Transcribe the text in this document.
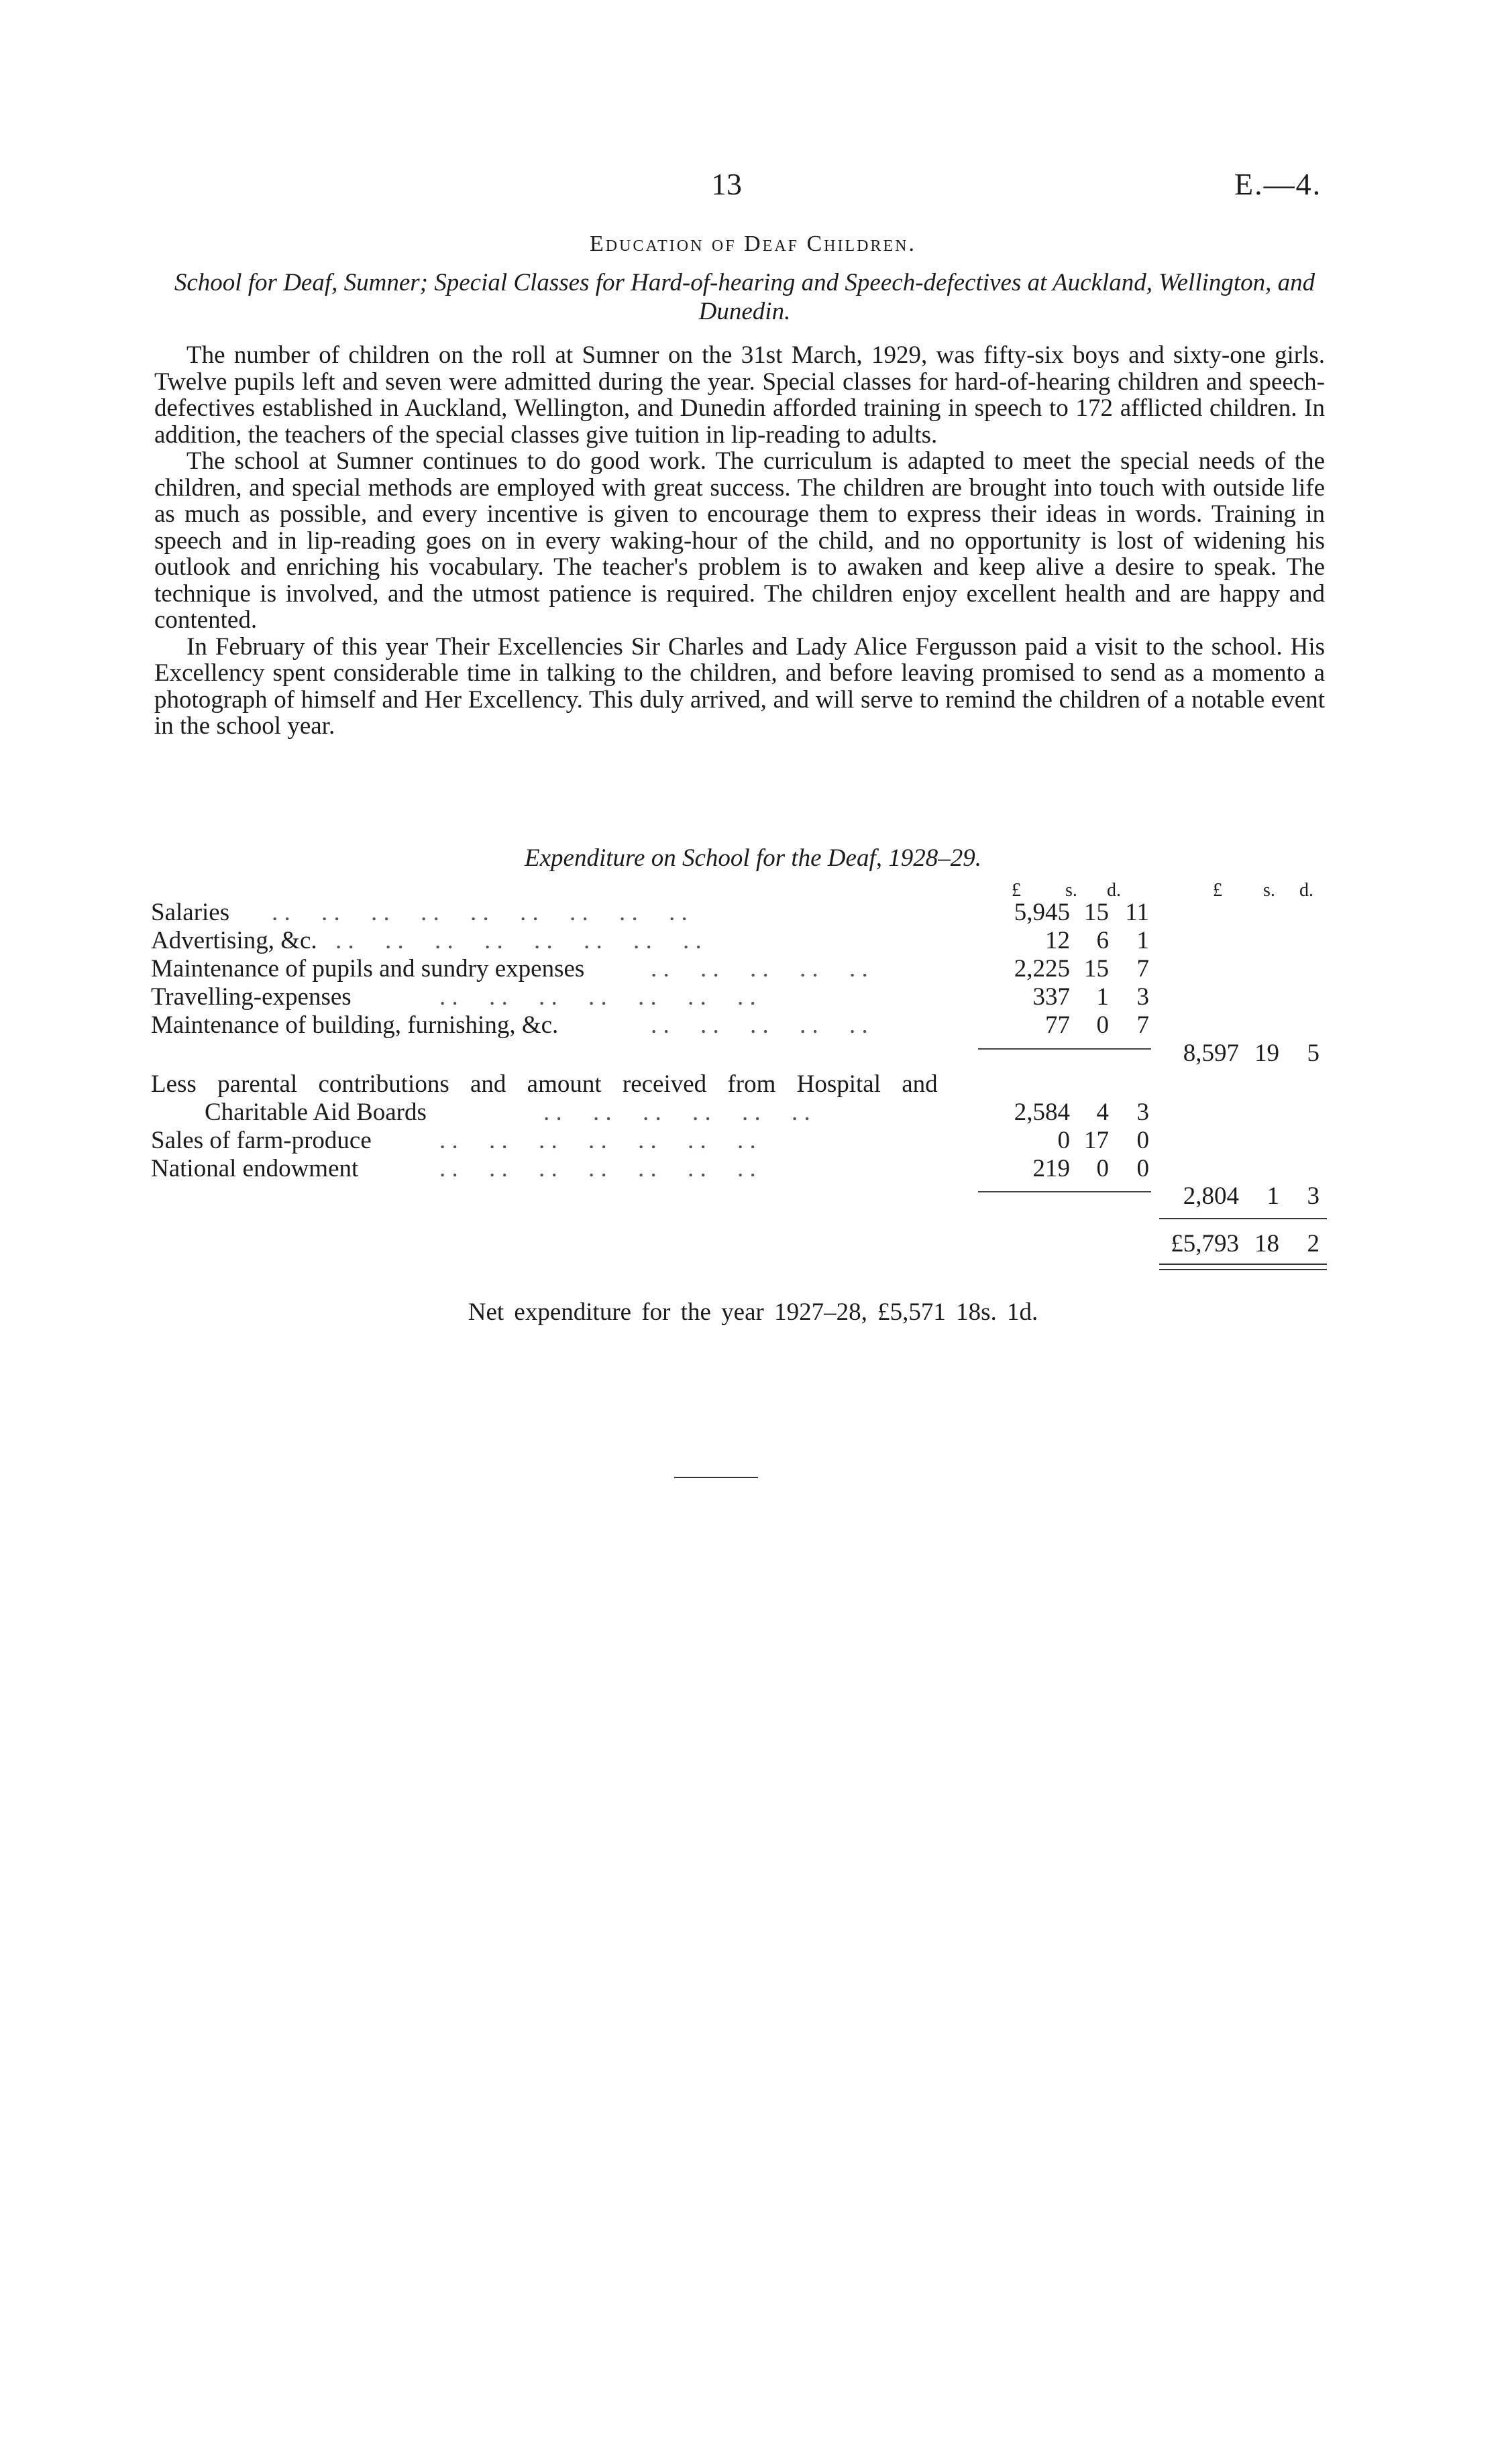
13	E.—4.
Education of Deaf Children.
School for Deaf, Sumner; Special Classes for Hard-of-hearing and Speech-defectives at Auckland, Wellington, and Dunedin.

The number of children on the roll at Sumner on the 31st March, 1929, was fifty-six boys and sixty-one girls. Twelve pupils left and seven were admitted during the year. Special classes for hard-of-hearing children and speech-defectives established in Auckland, Wellington, and Dunedin afforded training in speech to 172 afflicted children. In addition, the teachers of the special classes give tuition in lip-reading to adults.

The school at Sumner continues to do good work. The curriculum is adapted to meet the special needs of the children, and special methods are employed with great success. The children are brought into touch with outside life as much as possible, and every incentive is given to encourage them to express their ideas in words. Training in speech and in lip-reading goes on in every waking-hour of the child, and no opportunity is lost of widening his outlook and enriching his vocabulary. The teacher's problem is to awaken and keep alive a desire to speak. The technique is involved, and the utmost patience is required. The children enjoy excellent health and are happy and contented.

In February of this year Their Excellencies Sir Charles and Lady Alice Fergusson paid a visit to the school. His Excellency spent considerable time in talking to the children, and before leaving promised to send as a momento a photograph of himself and Her Excellency. This duly arrived, and will serve to remind the children of a notable event in the school year.

Expenditure on School for the Deaf, 1928–29.
£ s. d.	£ s. d.
Salaries . .     . .     . .     . .     . .     . .     . .     . .     . .	5,945 15 11
Advertising, &c. . .     . .     . .     . .     . .     . .     . .     . .	12	6	1
Maintenance of pupils and sundry expenses	. .     . .     . .     . .     . .	2,225 15	7
Travelling-expenses	. .     . .     . .     . .     . .     . .     . .	337	1	3
Maintenance of building, furnishing, &c.	. .     . .     . .     . .     . .	77	0	7
8,597 19	5
Less parental contributions and amount received from Hospital and
Charitable Aid Boards	. .     . .     . .     . .     . .     . .	2,584	4	3
Sales of farm-produce	. .     . .     . .     . .     . .     . .     . .	0 17	0
National endowment	. .     . .     . .     . .     . .     . .     . .	219	0	0
2,804	1	3
£5,793 18	2
Net expenditure for the year 1927–28, £5,571 18s. 1d.
